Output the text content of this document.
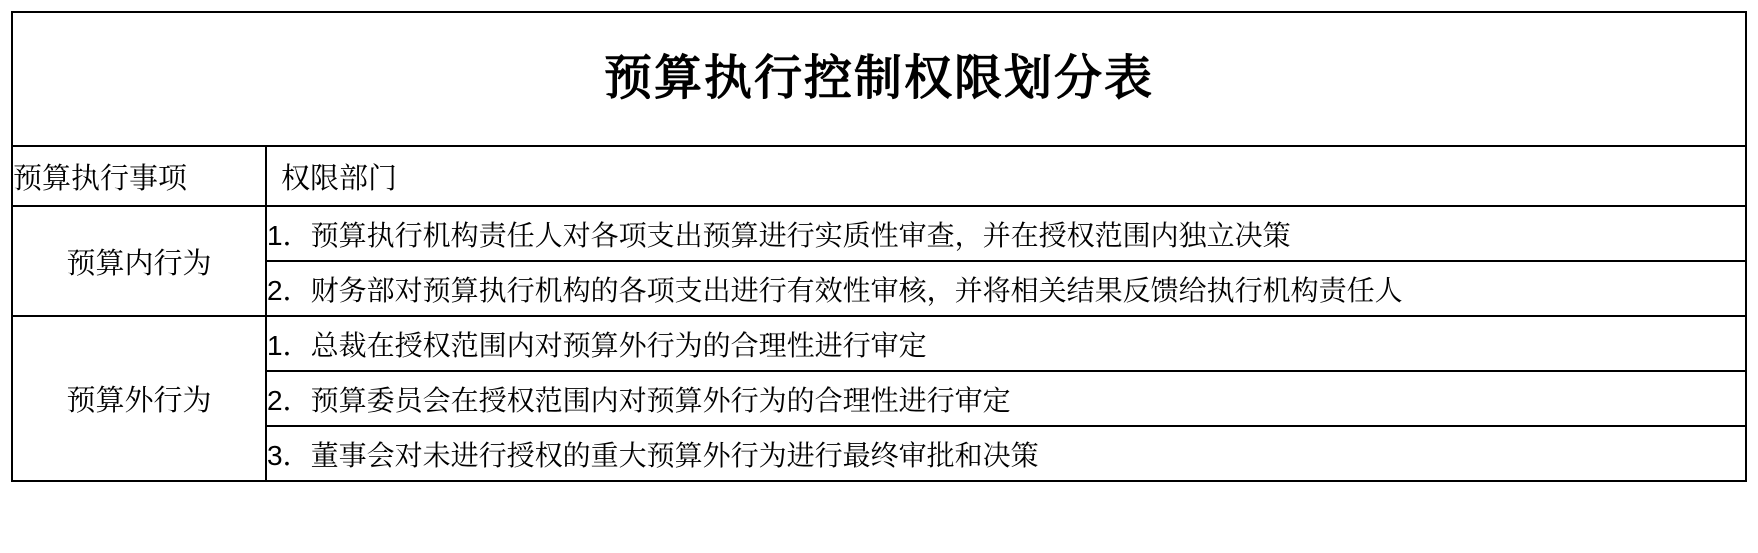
预算执行控制权限划分表	

预算执行事项	权限部门
预算内行为	1．预算执行机构责任人对各项支出预算进行实质性审查，并在授权范围内独立决策
	2．财务部对预算执行机构的各项支出进行有效性审核，并将相关结果反馈给执行机构责任人
预算外行为	1．总裁在授权范围内对预算外行为的合理性进行审定
	2．预算委员会在授权范围内对预算外行为的合理性进行审定
	3．董事会对未进行授权的重大预算外行为进行最终审批和决策
